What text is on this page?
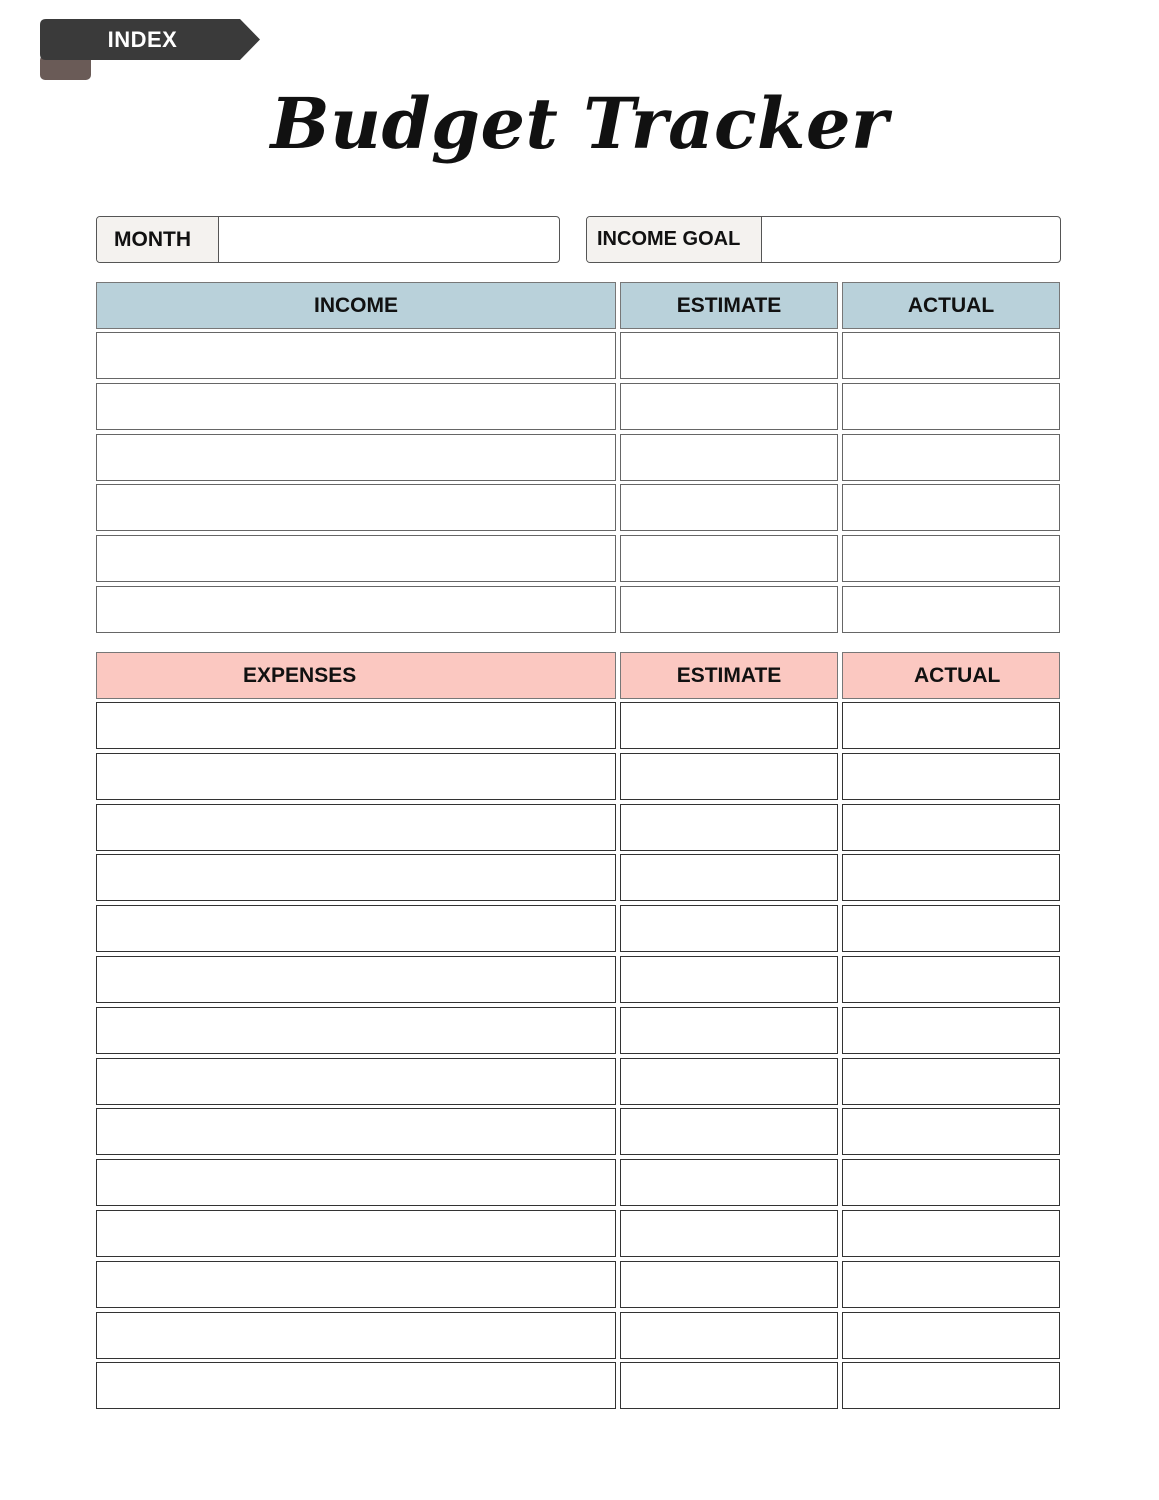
INDEX
Budget Tracker
MONTH	INCOME GOAL
INCOME	ESTIMATE	ACTUAL
EXPENSES	ESTIMATE	ACTUAL
